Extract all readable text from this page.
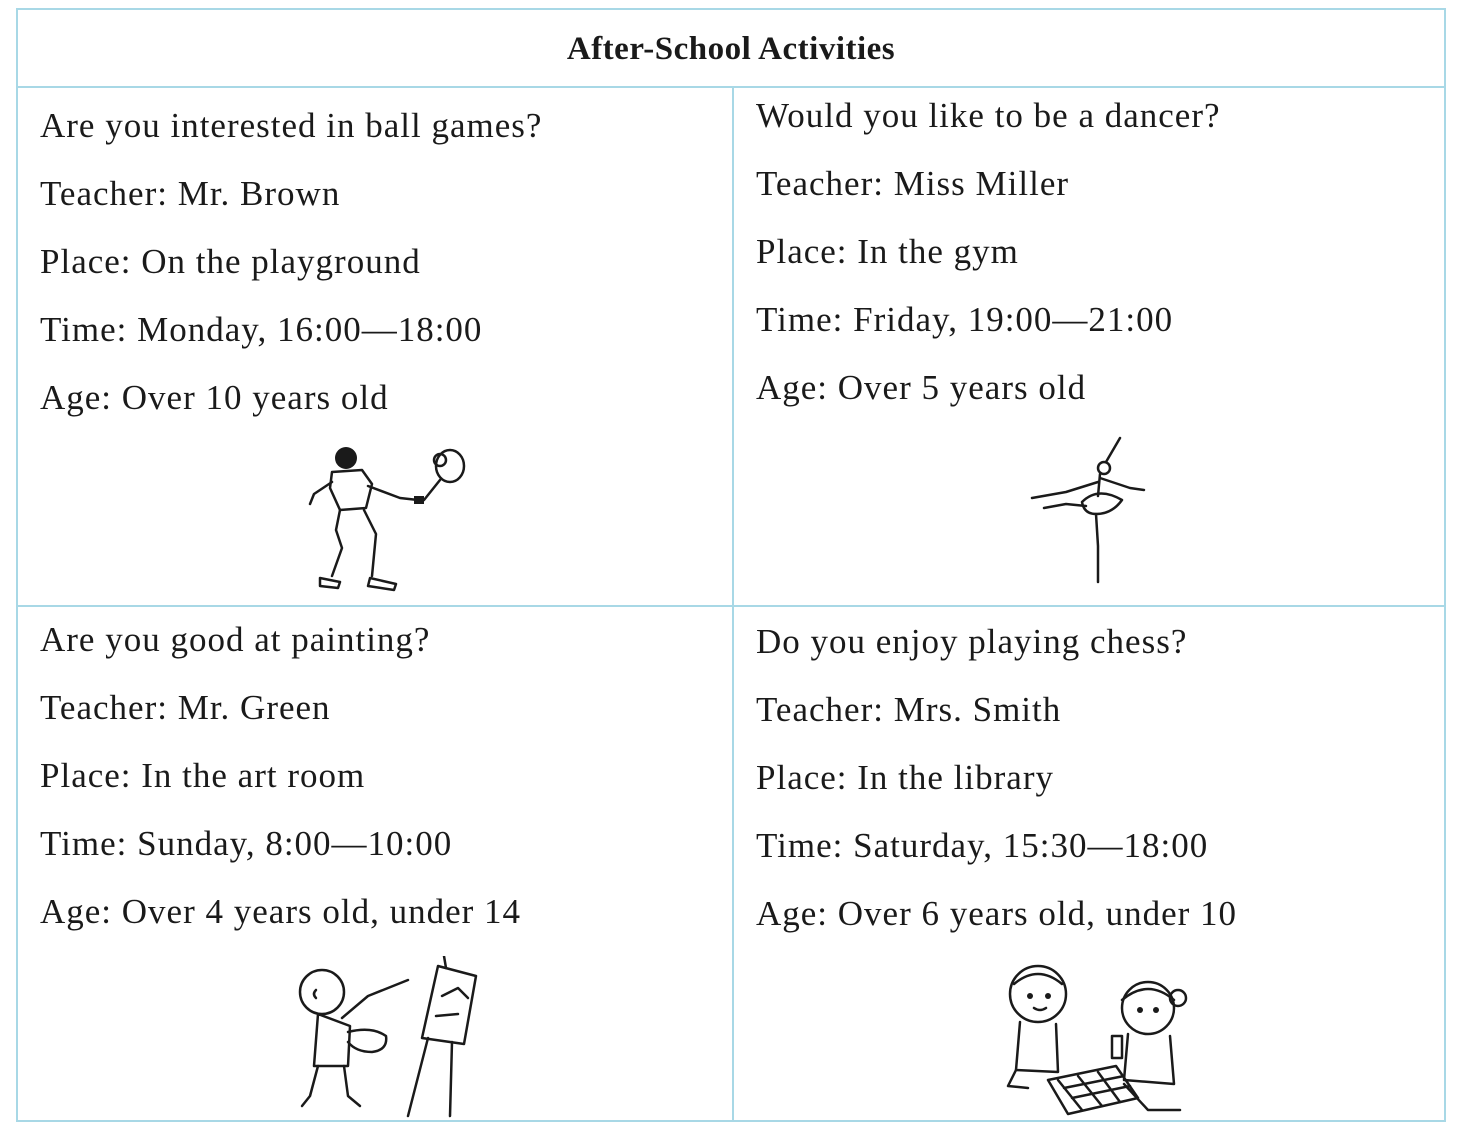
After-School Activities
Are you interested in ball games?
Teacher: Mr. Brown
Place: On the playground
Time: Monday, 16:00—18:00
Age: Over 10 years old
Would you like to be a dancer?
Teacher: Miss Miller
Place: In the gym
Time: Friday, 19:00—21:00
Age: Over 5 years old
Are you good at painting?
Teacher: Mr. Green
Place: In the art room
Time: Sunday, 8:00—10:00
Age: Over 4 years old, under 14
Do you enjoy playing chess?
Teacher: Mrs. Smith
Place: In the library
Time: Saturday, 15:30—18:00
Age: Over 6 years old, under 10
